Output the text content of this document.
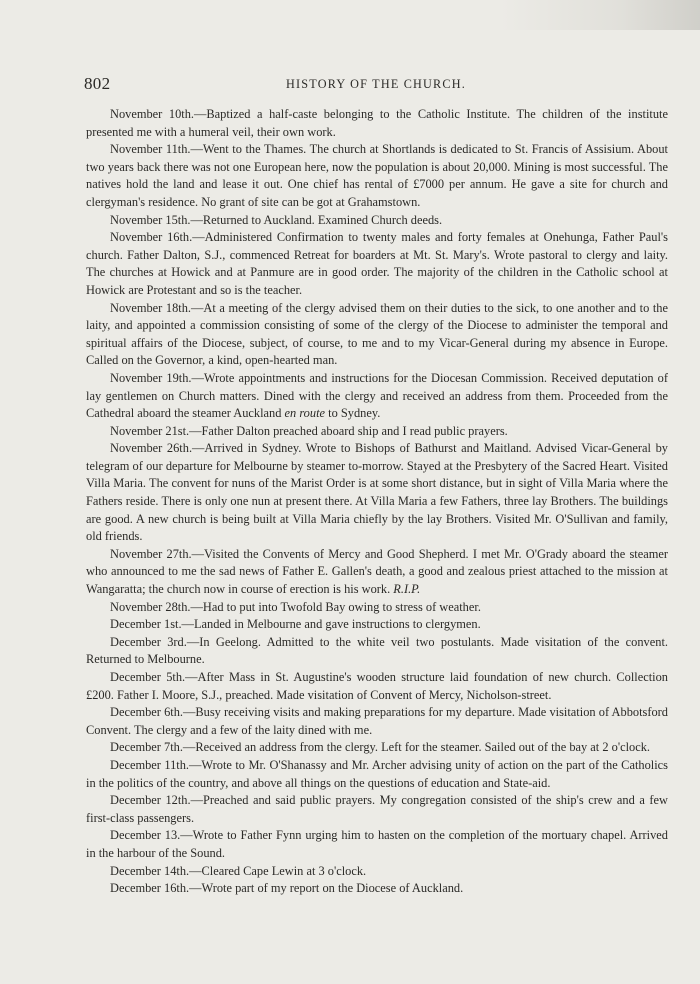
802	HISTORY OF THE CHURCH.

November 10th.—Baptized a half-caste belonging to the Catholic Institute. The children of the institute presented me with a humeral veil, their own work.

November 11th.—Went to the Thames. The church at Shortlands is dedicated to St. Francis of Assisium. About two years back there was not one European here, now the population is about 20,000. Mining is most successful. The natives hold the land and lease it out. One chief has rental of £7000 per annum. He gave a site for church and clergyman's residence. No grant of site can be got at Grahamstown.

November 15th.—Returned to Auckland. Examined Church deeds.

November 16th.—Administered Confirmation to twenty males and forty females at Onehunga, Father Paul's church. Father Dalton, S.J., commenced Retreat for boarders at Mt. St. Mary's. Wrote pastoral to clergy and laity. The churches at Howick and at Panmure are in good order. The majority of the children in the Catholic school at Howick are Protestant and so is the teacher.

November 18th.—At a meeting of the clergy advised them on their duties to the sick, to one another and to the laity, and appointed a commission consisting of some of the clergy of the Diocese to administer the temporal and spiritual affairs of the Diocese, subject, of course, to me and to my Vicar-General during my absence in Europe. Called on the Governor, a kind, open-hearted man.

November 19th.—Wrote appointments and instructions for the Diocesan Commission. Received deputation of lay gentlemen on Church matters. Dined with the clergy and received an address from them. Proceeded from the Cathedral aboard the steamer Auckland en route to Sydney.

November 21st.—Father Dalton preached aboard ship and I read public prayers.

November 26th.—Arrived in Sydney. Wrote to Bishops of Bathurst and Maitland. Advised Vicar-General by telegram of our departure for Melbourne by steamer to-morrow. Stayed at the Presbytery of the Sacred Heart. Visited Villa Maria. The convent for nuns of the Marist Order is at some short distance, but in sight of Villa Maria where the Fathers reside. There is only one nun at present there. At Villa Maria a few Fathers, three lay Brothers. The buildings are good. A new church is being built at Villa Maria chiefly by the lay Brothers. Visited Mr. O'Sullivan and family, old friends.

November 27th.—Visited the Convents of Mercy and Good Shepherd. I met Mr. O'Grady aboard the steamer who announced to me the sad news of Father E. Gallen's death, a good and zealous priest attached to the mission at Wangaratta; the church now in course of erection is his work. R.I.P.

November 28th.—Had to put into Twofold Bay owing to stress of weather.

December 1st.—Landed in Melbourne and gave instructions to clergymen.

December 3rd.—In Geelong. Admitted to the white veil two postulants. Made visitation of the convent. Returned to Melbourne.

December 5th.—After Mass in St. Augustine's wooden structure laid foundation of new church. Collection £200. Father I. Moore, S.J., preached. Made visitation of Convent of Mercy, Nicholson-street.

December 6th.—Busy receiving visits and making preparations for my departure. Made visitation of Abbotsford Convent. The clergy and a few of the laity dined with me.

December 7th.—Received an address from the clergy. Left for the steamer. Sailed out of the bay at 2 o'clock.

December 11th.—Wrote to Mr. O'Shanassy and Mr. Archer advising unity of action on the part of the Catholics in the politics of the country, and above all things on the questions of education and State-aid.

December 12th.—Preached and said public prayers. My congregation consisted of the ship's crew and a few first-class passengers.

December 13.—Wrote to Father Fynn urging him to hasten on the completion of the mortuary chapel. Arrived in the harbour of the Sound.

December 14th.—Cleared Cape Lewin at 3 o'clock.

December 16th.—Wrote part of my report on the Diocese of Auckland.
